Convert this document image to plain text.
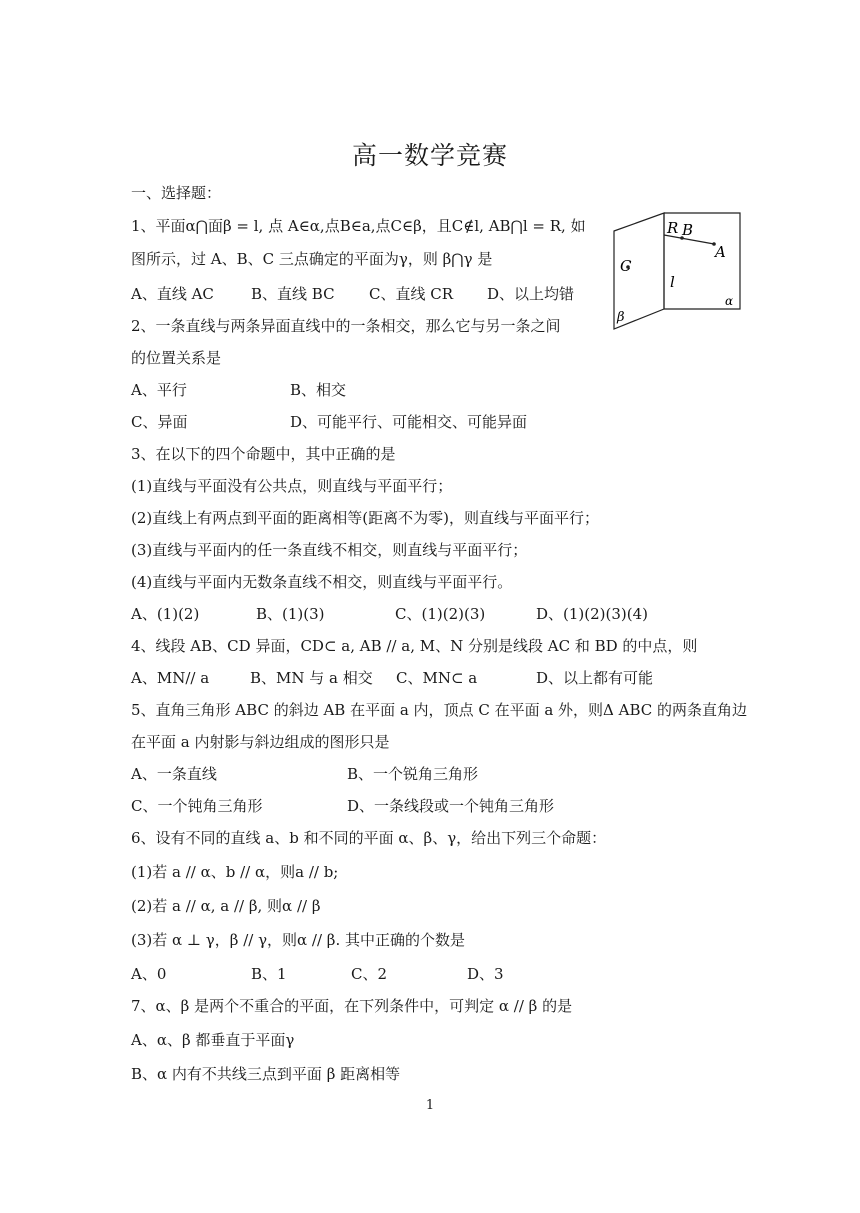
高一数学竞赛
一、选择题：
1、平面α⋂面β = l, 点 A∈α,点B∈a,点C∈β，且C∉l, AB⋂l = R, 如
图所示，过 A、B、C 三点确定的平面为γ，则 β⋂γ 是
A、直线 AC B、直线 BC C、直线 CR D、以上均错
R B
A
C
l
α
β
2、一条直线与两条异面直线中的一条相交，那么它与另一条之间
的位置关系是
A、平行	B、相交
C、异面	D、可能平行、可能相交、可能异面
3、在以下的四个命题中，其中正确的是
(1)直线与平面没有公共点，则直线与平面平行；
(2)直线上有两点到平面的距离相等(距离不为零)，则直线与平面平行；
(3)直线与平面内的任一条直线不相交，则直线与平面平行；
(4)直线与平面内无数条直线不相交，则直线与平面平行。
A、(1)(2)	B、(1)(3)	C、(1)(2)(3)	D、(1)(2)(3)(4)
4、线段 AB、CD 异面，CD⊂ a, AB // a, M、N 分别是线段 AC 和 BD 的中点，则
A、MN// a	B、MN 与 a 相交 C、MN⊂ a	D、以上都有可能
5、直角三角形 ABC 的斜边 AB 在平面 a 内，顶点 C 在平面 a 外，则Δ ABC 的两条直角边
在平面 a 内射影与斜边组成的图形只是
A、一条直线	B、一个锐角三角形
C、一个钝角三角形	D、一条线段或一个钝角三角形
6、设有不同的直线 a、b 和不同的平面 α、β、γ，给出下列三个命题：
(1)若 a // α、b // α，则a // b;
(2)若 a // α, a // β, 则α // β
(3)若 α ⊥ γ，β // γ，则α // β. 其中正确的个数是
A、0	B、1	C、2	D、3
7、α、β 是两个不重合的平面，在下列条件中，可判定 α // β 的是
A、α、β 都垂直于平面γ
B、α 内有不共线三点到平面 β 距离相等
1
